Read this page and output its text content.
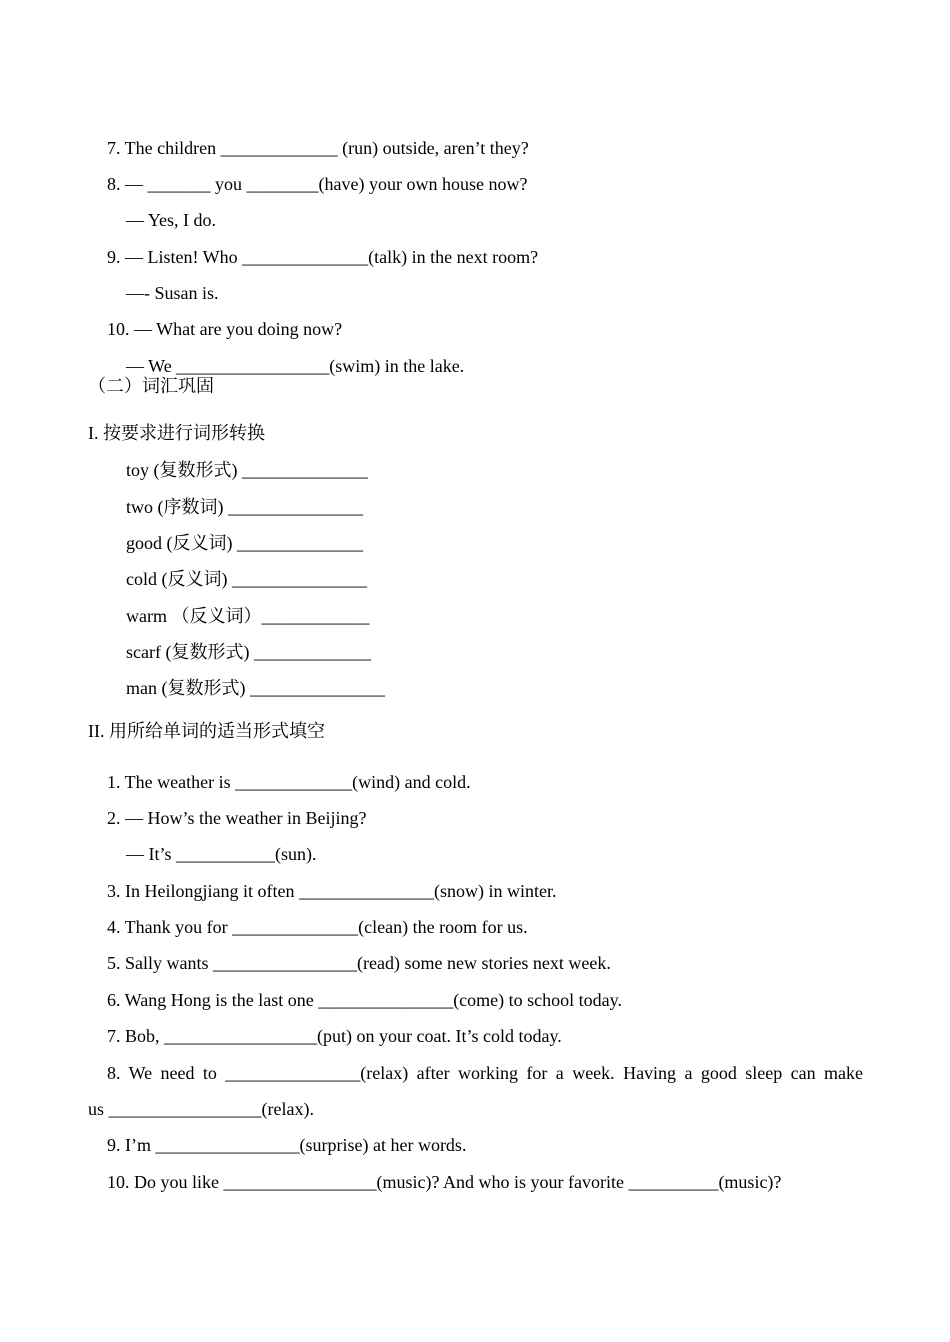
7. The children _____________ (run) outside, aren’t they?
8. — _______ you ________(have) your own house now?
— Yes, I do.
9. — Listen! Who ______________(talk) in the next room?
—- Susan is.
10. — What are you doing now?
— We _________________(swim) in the lake.
（二）词汇巩固
I. 按要求进行词形转换
toy (复数形式) ______________
two (序数词) _______________
good (反义词) ______________
cold (反义词) _______________
warm （反义词）____________
scarf (复数形式) _____________
man (复数形式) _______________
II. 用所给单词的适当形式填空
1. The weather is _____________(wind) and cold.
2. — How’s the weather in Beijing?
— It’s ___________(sun).
3. In Heilongjiang it often _______________(snow) in winter.
4. Thank you for ______________(clean) the room for us.
5. Sally wants ________________(read) some new stories next week.
6. Wang Hong is the last one _______________(come) to school today.
7. Bob, _________________(put) on your coat. It’s cold today.
8. We need to _______________(relax) after working for a week. Having a good sleep can make
us _________________(relax).
9. I’m ________________(surprise) at her words.
10. Do you like _________________(music)? And who is your favorite __________(music)?
